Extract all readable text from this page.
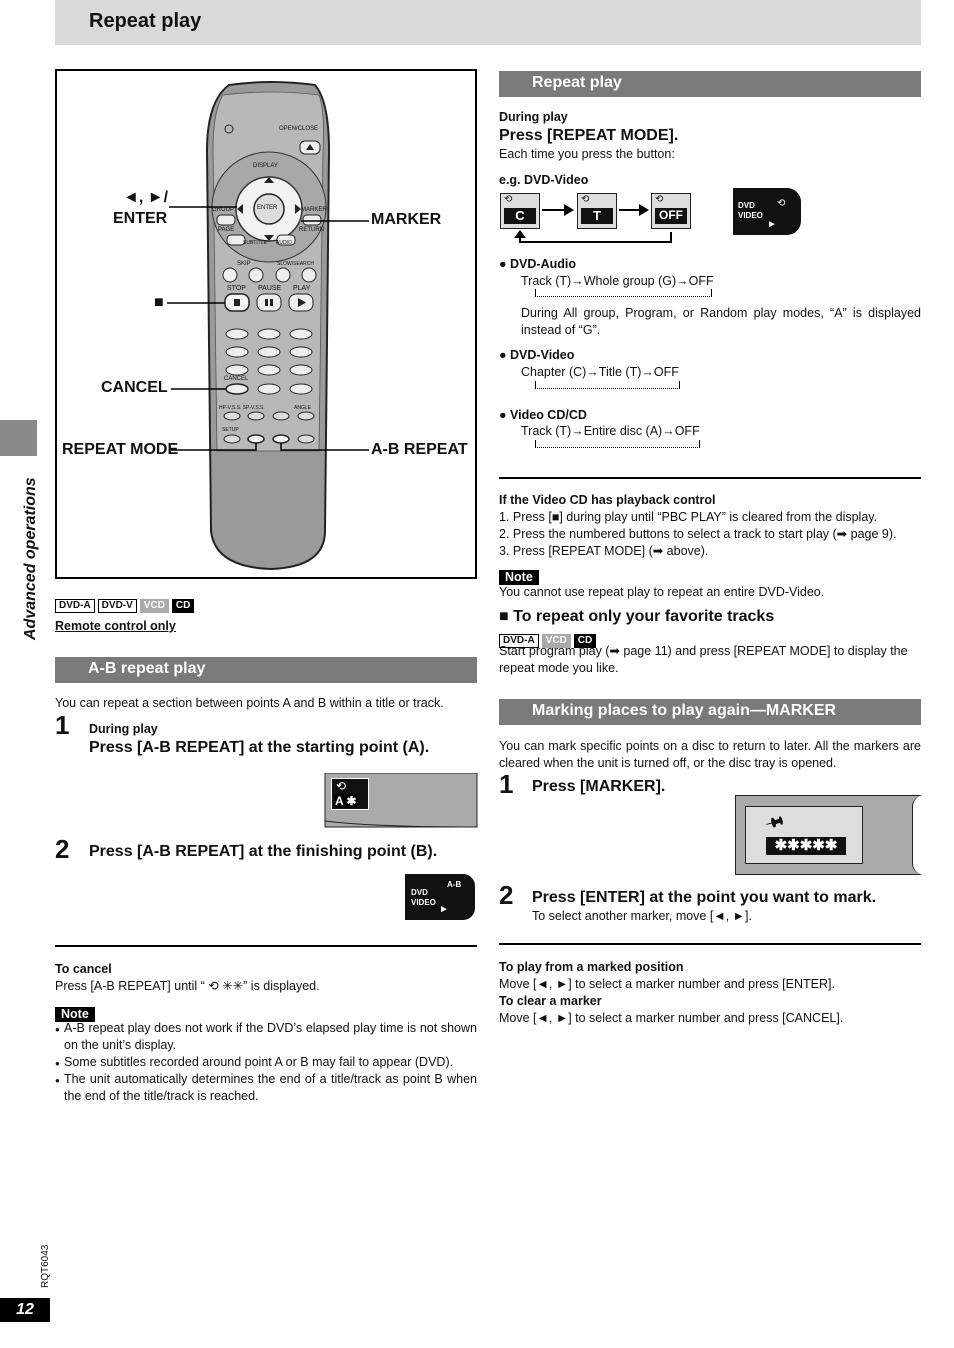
Repeat play
Advanced operations
OPEN/CLOSE
DISPLAY
GROUP	ENTER	MARKER
PAGE	RETURN
SUBTITLE AUDIO
SKIP	SLOW/SEARCH
STOP PAUSE PLAY
CANCEL
HP-V.S.S. SP-V.S.S.	ANGLE
SETUP
◄, ►/
ENTER	MARKER
■
CANCEL
REPEAT MODE	A-B REPEAT
DVD-A DVD-V VCD CD
Remote control only
A-B repeat play
You can repeat a section between points A and B within a title or track.
1 During play
Press [A-B REPEAT] at the starting point (A).
⟲
A ✱
2 Press [A-B REPEAT] at the finishing point (B).
DVD
VIDEO
A-B
►
To cancel
Press [A-B REPEAT] until “ ⟲ ✳✳” is displayed.
Note
● A-B repeat play does not work if the DVD’s elapsed play time is not shown on the unit’s display.
● Some subtitles recorded around point A or B may fail to appear (DVD).
● The unit automatically determines the end of a title/track as point B when the end of the title/track is reached.
Repeat play
During play
Press [REPEAT MODE].
Each time you press the button:
e.g. DVD-Video
⟲
C
⟲
T
⟲
OFF
DVD
VIDEO
⟲
►
● DVD-Audio
Track (T)→Whole group (G)→OFF
During All group, Program, or Random play modes, “A” is displayed instead of “G”.
● DVD-Video
Chapter (C)→Title (T)→OFF
● Video CD/CD
Track (T)→Entire disc (A)→OFF
If the Video CD has playback control
1. Press [■] during play until “PBC PLAY” is cleared from the display.
2. Press the numbered buttons to select a track to start play (➡ page 9).
3. Press [REPEAT MODE] (➡ above).
Note
You cannot use repeat play to repeat an entire DVD-Video.
■ To repeat only your favorite tracks
DVD-A VCD CD
Start program play (➡ page 11) and press [REPEAT MODE] to display the repeat mode you like.
Marking places to play again—MARKER
You can mark specific points on a disc to return to later. All the markers are cleared when the unit is turned off, or the disc tray is opened.
1 Press [MARKER].
🖈
✱✱✱✱✱
2 Press [ENTER] at the point you want to mark.
To select another marker, move [◄, ►].
To play from a marked position
Move [◄, ►] to select a marker number and press [ENTER].
To clear a marker
Move [◄, ►] to select a marker number and press [CANCEL].
RQT6043
12
